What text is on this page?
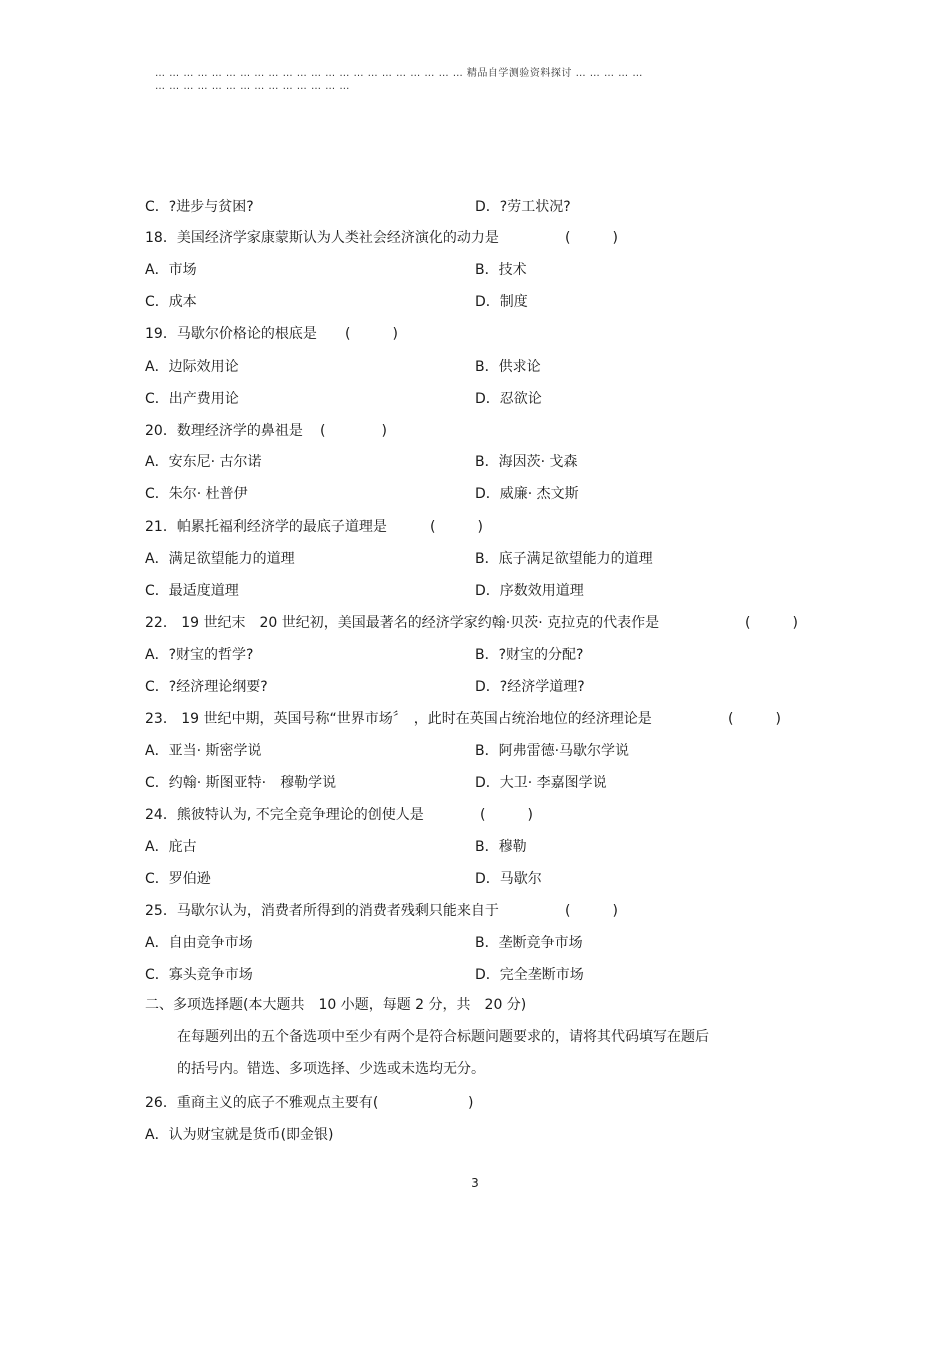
… … … … … … … … … … … … … … … … … … … … … … 精品自学测验资料探讨 … … … … …
… … … … … … … … … … … … … …
C．?进步与贫困?	D．?劳工状况?
18．美国经济学家康蒙斯认为人类社会经济演化的动力是	(　　　)
A．市场	B．技术
C．成本	D．制度
19．马歇尔价格论的根底是 (　　　)
A．边际效用论	B．供求论
C．出产费用论	D．忍欲论
20．数理经济学的鼻祖是 (　　　　)
A．安东尼· 古尔诺	B．海因茨· 戈森
C．朱尔· 杜普伊	D．威廉· 杰文斯
21．帕累托福利经济学的最底子道理是	(　　　)
A．满足欲望能力的道理	B．底子满足欲望能力的道理
C．最适度道理	D．序数效用道理
22． 19 世纪末　20 世纪初，美国最著名的经济学家约翰·贝茨· 克拉克的代表作是	(　　　)
A．?财宝的哲学?	B．?财宝的分配?
C．?经济理论纲要?	D．?经济学道理?
23． 19 世纪中期，英国号称“世界市场〞　，此时在英国占统治地位的经济理论是	(　　　)
A．亚当· 斯密学说	B．阿弗雷德·马歇尔学说
C．约翰· 斯图亚特·　穆勒学说	D．大卫· 李嘉图学说
24．熊彼特认为, 不完全竞争理论的创使人是	(　　　)
A．庇古	B．穆勒
C．罗伯逊	D．马歇尔
25．马歇尔认为，消费者所得到的消费者残剩只能来自于	(　　　)
A．自由竞争市场	B．垄断竞争市场
C．寡头竞争市场	D．完全垄断市场
二、多项选择题(本大题共　10 小题，每题 2 分，共　20 分)
在每题列出的五个备选项中至少有两个是符合标题问题要求的，请将其代码填写在题后
的括号内。错选、多项选择、少选或未选均无分。
26．重商主义的底子不雅观点主要有(	)
A．认为财宝就是货币(即金银)
3
